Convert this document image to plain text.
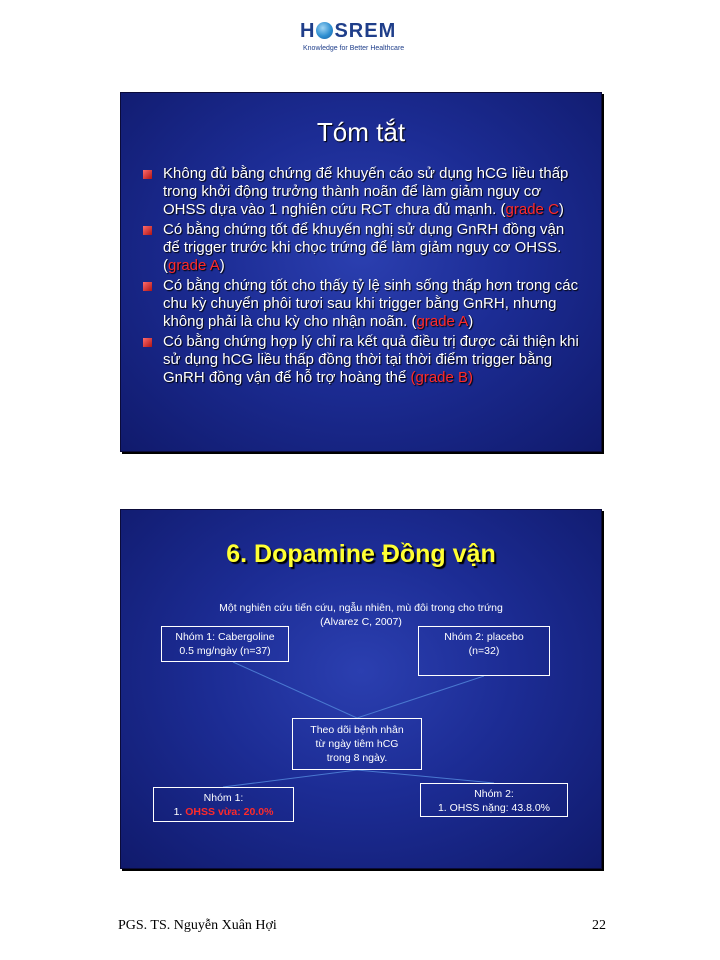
H SREM
Knowledge for Better Healthcare
Tóm tắt
Không đủ bằng chứng để khuyến cáo sử dụng hCG liều thấp trong khởi động trưởng thành noãn để làm giảm nguy cơ OHSS dựa vào 1 nghiên cứu RCT chưa đủ mạnh. (grade C)
Có bằng chứng tốt để khuyến nghị sử dụng GnRH đồng vận để trigger trước khi chọc trứng để làm giảm nguy cơ OHSS. (grade A)
Có bằng chứng tốt cho thấy tỷ lệ sinh sống thấp hơn trong các chu kỳ chuyển phôi tươi sau khi trigger bằng GnRH, nhưng không phải là chu kỳ cho nhận noãn. (grade A)
Có bằng chứng hợp lý chỉ ra kết quả điều trị được cải thiện khi sử dụng hCG liều thấp đồng thời tại thời điểm trigger bằng GnRH đồng vận để hỗ trợ hoàng thể (grade B)
6. Dopamine Đồng vận
Một nghiên cứu tiến cứu, ngẫu nhiên, mù đôi trong cho trứng
(Alvarez C, 2007)
Nhóm 1: Cabergoline
0.5 mg/ngày (n=37)
Nhóm 2: placebo
(n=32)
Theo dõi bệnh nhân
từ ngày tiêm hCG
trong 8 ngày.
Nhóm 1:
1. OHSS vừa: 20.0%
Nhóm 2:
1. OHSS nặng: 43.8.0%
PGS. TS. Nguyễn Xuân Hợi	22
